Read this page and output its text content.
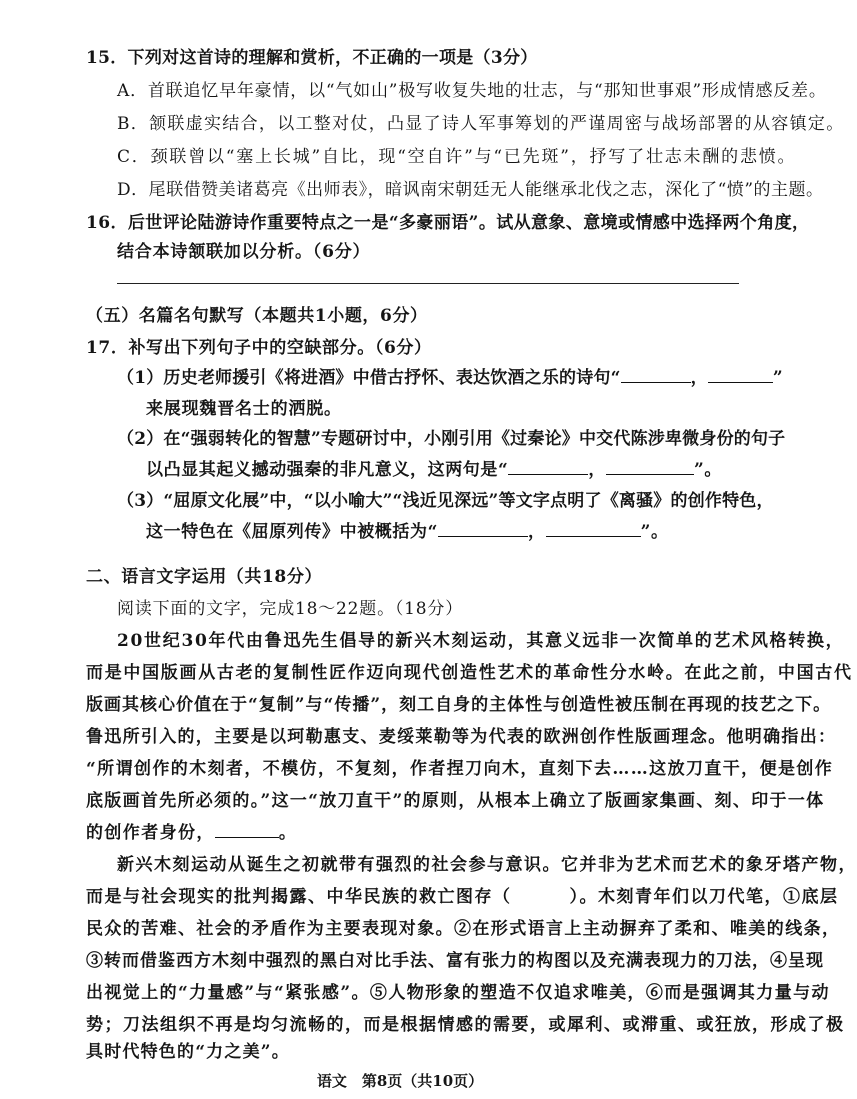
15．下列对这首诗的理解和赏析，不正确的一项是（3分）
A．首联追忆早年豪情，以“气如山”极写收复失地的壮志，与“那知世事艰”形成情感反差。
B．颔联虚实结合，以工整对仗，凸显了诗人军事筹划的严谨周密与战场部署的从容镇定。
C．颈联曾以“塞上长城”自比，现“空自许”与“已先斑”，抒写了壮志未酬的悲愤。
D．尾联借赞美诸葛亮《出师表》，暗讽南宋朝廷无人能继承北伐之志，深化了“愤”的主题。
16．后世评论陆游诗作重要特点之一是“多豪丽语”。试从意象、意境或情感中选择两个角度，
结合本诗颔联加以分析。（6分）
（五）名篇名句默写（本题共1小题，6分）
17．补写出下列句子中的空缺部分。（6分）
（1）历史老师援引《将进酒》中借古抒怀、表达饮酒之乐的诗句“	，	”
来展现魏晋名士的洒脱。
（2）在“强弱转化的智慧”专题研讨中，小刚引用《过秦论》中交代陈涉卑微身份的句子
以凸显其起义撼动强秦的非凡意义，这两句是“	，	”。
（3）“屈原文化展”中，“以小喻大”“浅近见深远”等文字点明了《离骚》的创作特色，
这一特色在《屈原列传》中被概括为“	，	”。
二、语言文字运用（共18分）
阅读下面的文字，完成18～22题。（18分）
20世纪30年代由鲁迅先生倡导的新兴木刻运动，其意义远非一次简单的艺术风格转换，
而是中国版画从古老的复制性匠作迈向现代创造性艺术的革命性分水岭。在此之前，中国古代
版画其核心价值在于“复制”与“传播”，刻工自身的主体性与创造性被压制在再现的技艺之下。
鲁迅所引入的，主要是以珂勒惠支、麦绥莱勒等为代表的欧洲创作性版画理念。他明确指出：
“所谓创作的木刻者，不模仿，不复刻，作者捏刀向木，直刻下去……这放刀直干，便是创作
底版画首先所必须的。”这一“放刀直干”的原则，从根本上确立了版画家集画、刻、印于一体
的创作者身份，	。
新兴木刻运动从诞生之初就带有强烈的社会参与意识。它并非为艺术而艺术的象牙塔产物，
而是与社会现实的批判揭露、中华民族的救亡图存（	）。木刻青年们以刀代笔，①底层
民众的苦难、社会的矛盾作为主要表现对象。②在形式语言上主动摒弃了柔和、唯美的线条，
③转而借鉴西方木刻中强烈的黑白对比手法、富有张力的构图以及充满表现力的刀法，④呈现
出视觉上的“力量感”与“紧张感”。⑤人物形象的塑造不仅追求唯美，⑥而是强调其力量与动
势；刀法组织不再是均匀流畅的，而是根据情感的需要，或犀利、或滞重、或狂放，形成了极
具时代特色的“力之美”。
语文　第8页（共10页）
